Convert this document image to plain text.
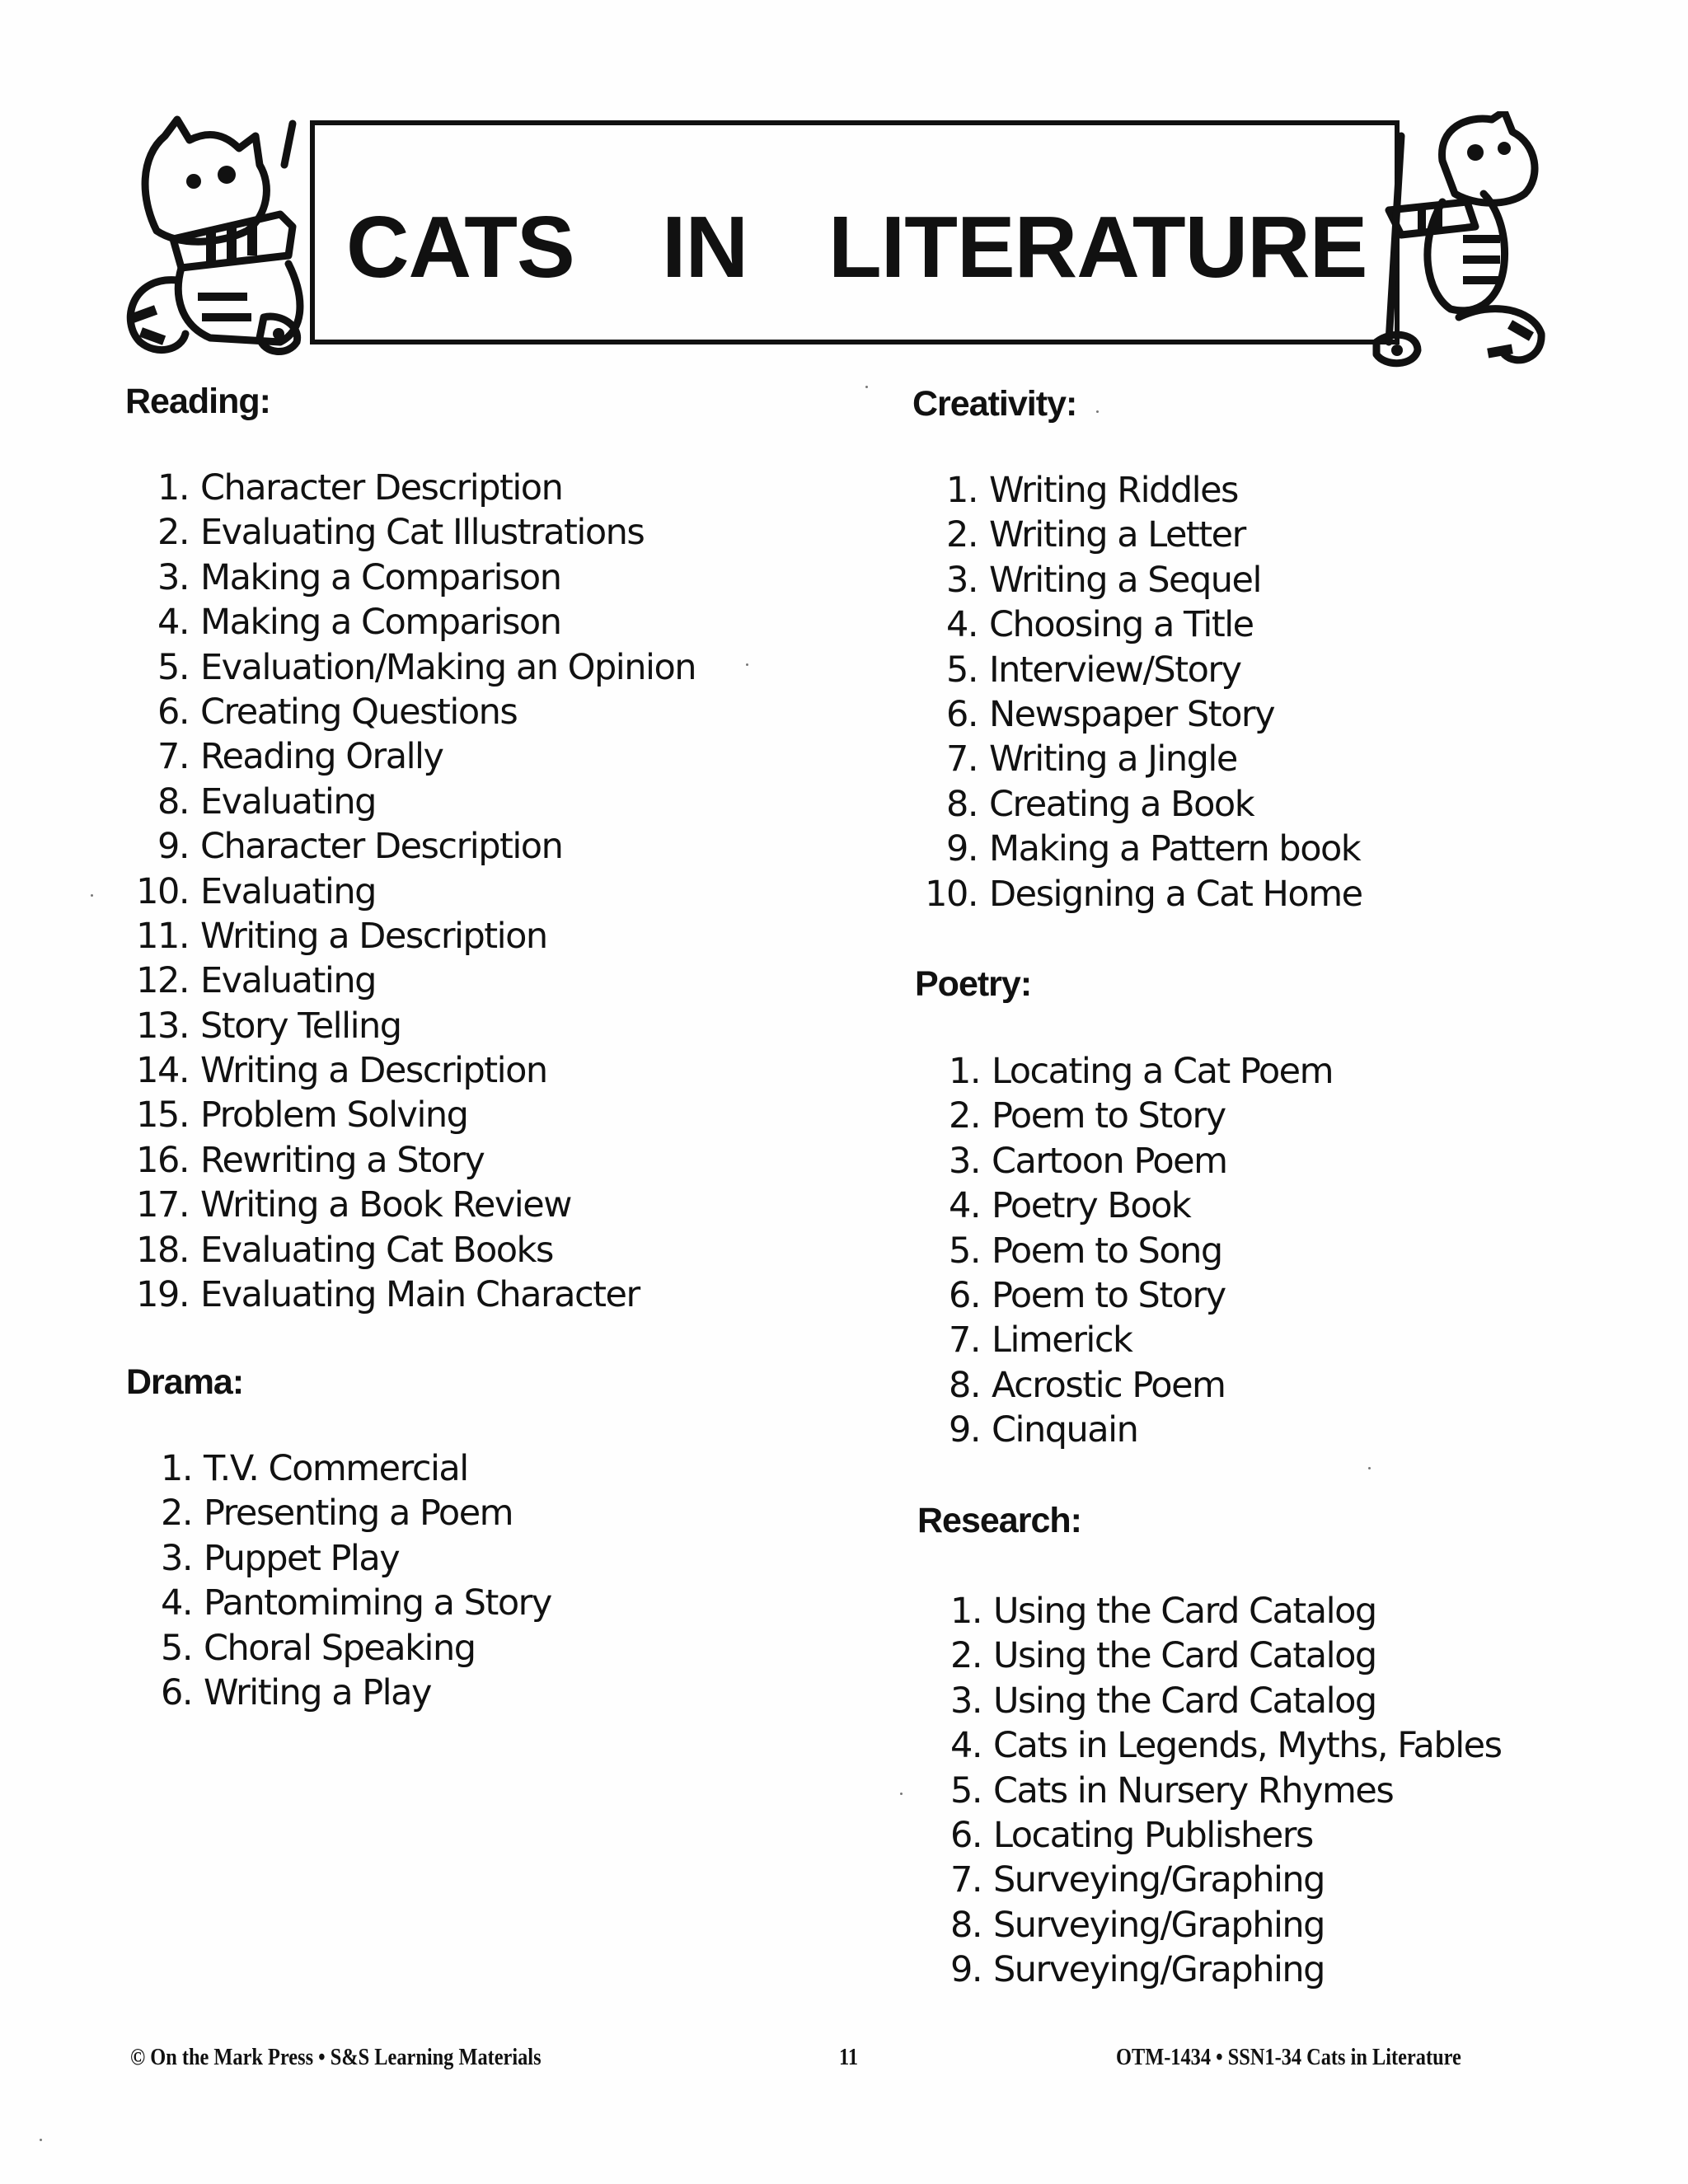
CATS IN LITERATURE
Reading:
1. Character Description
2. Evaluating Cat Illustrations
3. Making a Comparison
4. Making a Comparison
5. Evaluation/Making an Opinion
6. Creating Questions
7. Reading Orally
8. Evaluating
9. Character Description
10. Evaluating
11. Writing a Description
12. Evaluating
13. Story Telling
14. Writing a Description
15. Problem Solving
16. Rewriting a Story
17. Writing a Book Review
18. Evaluating Cat Books
19. Evaluating Main Character
Drama:
1. T.V. Commercial
2. Presenting a Poem
3. Puppet Play
4. Pantomiming a Story
5. Choral Speaking
6. Writing a Play
Creativity:
1. Writing Riddles
2. Writing a Letter
3. Writing a Sequel
4. Choosing a Title
5. Interview/Story
6. Newspaper Story
7. Writing a Jingle
8. Creating a Book
9. Making a Pattern book
10. Designing a Cat Home
Poetry:
1. Locating a Cat Poem
2. Poem to Story
3. Cartoon Poem
4. Poetry Book
5. Poem to Song
6. Poem to Story
7. Limerick
8. Acrostic Poem
9. Cinquain
Research:
1. Using the Card Catalog
2. Using the Card Catalog
3. Using the Card Catalog
4. Cats in Legends, Myths, Fables
5. Cats in Nursery Rhymes
6. Locating Publishers
7. Surveying/Graphing
8. Surveying/Graphing
9. Surveying/Graphing
© On the Mark Press • S&S Learning Materials	11	OTM-1434 • SSN1-34 Cats in Literature
